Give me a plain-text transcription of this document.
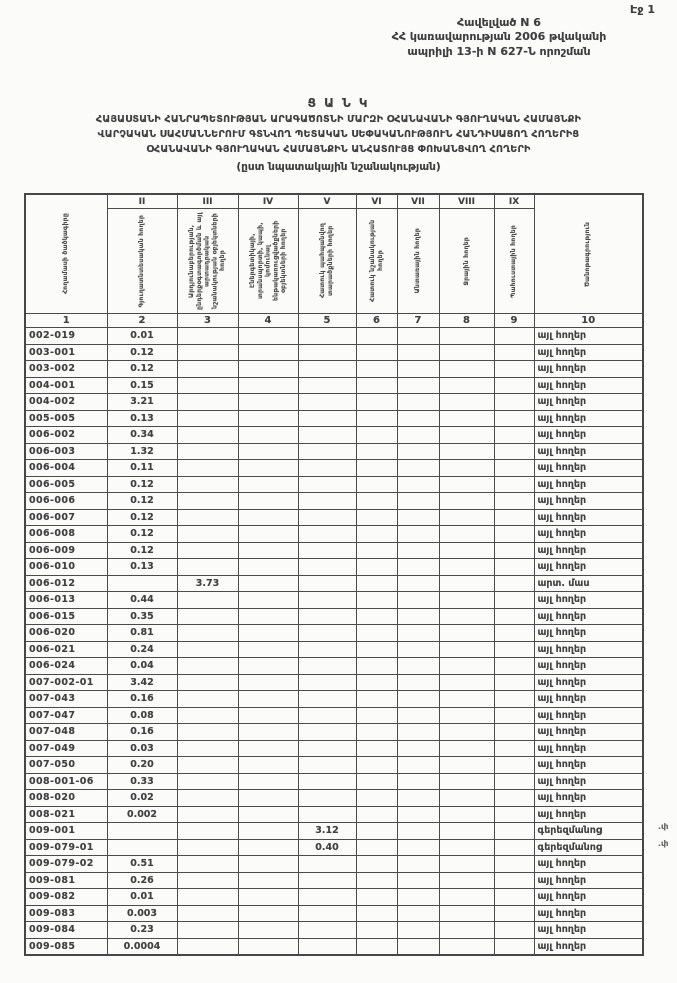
Էջ 1
Հավելված N 6
ՀՀ կառավարության 2006 թվականի
ապրիլի 13-ի N 627-Ն որոշման
Ց Ա Ն Կ
ՀԱՅԱՍՏԱՆԻ ՀԱՆՐԱՊԵՏՈՒԹՅԱՆ ԱՐԱԳԱԾՈՏՆԻ ՄԱՐԶԻ ՕՀԱՆԱՎԱՆԻ ԳՅՈՒՂԱԿԱՆ ՀԱՄԱՅՆՔԻ
ՎԱՐՉԱԿԱՆ ՍԱՀՄԱՆՆԵՐՈՒՄ ԳՏՆՎՈՂ ՊԵՏԱԿԱՆ ՍԵՓԱԿԱՆՈՒԹՅՈՒՆ ՀԱՆԴԻՍԱՑՈՂ ՀՈՂԵՐԻՑ
ՕՀԱՆԱՎԱՆԻ ԳՅՈՒՂԱԿԱՆ ՀԱՄԱՅՆՔԻՆ ԱՆՀԱՏՈՒՅՑ ՓՈԽԱՆՑՎՈՂ ՀՈՂԵՐԻ
(ըստ նպատակային նշանակության)
Հողամասի ծածկագիրը	II	III	IV	V	VI	VII	VIII	IX	Ծանոթագրություն

	Գյուղատնտեսական հողեր	Արդյունաբերության, ընդերքօգտագործման և այլ արտադրական նշանակության օբյեկտների հողեր	Էներգետիկայի, տրանսպորտի, կապի, կոմունալ ենթակառուցվածքների օբյեկտների հողեր	Հատուկ պահպանվող տարածքների հողեր	Հատուկ նշանակության հողեր	Անտառային հողեր	Ջրային հողեր	Պահուստային հողեր	

1	2	3	4	5	6	7	8	9	10
002-019	0.01								այլ հողեր
003-001	0.12								այլ հողեր
003-002	0.12								այլ հողեր
004-001	0.15								այլ հողեր
004-002	3.21								այլ հողեր
005-005	0.13								այլ հողեր
006-002	0.34								այլ հողեր
006-003	1.32								այլ հողեր
006-004	0.11								այլ հողեր
006-005	0.12								այլ հողեր
006-006	0.12								այլ հողեր
006-007	0.12								այլ հողեր
006-008	0.12								այլ հողեր
006-009	0.12								այլ հողեր
006-010	0.13								այլ հողեր
006-012		3.73							արտ. մաս
006-013	0.44								այլ հողեր
006-015	0.35								այլ հողեր
006-020	0.81								այլ հողեր
006-021	0.24								այլ հողեր
006-024	0.04								այլ հողեր
007-002-01	3.42								այլ հողեր
007-043	0.16								այլ հողեր
007-047	0.08								այլ հողեր
007-048	0.16								այլ հողեր
007-049	0.03								այլ հողեր
007-050	0.20								այլ հողեր
008-001-06	0.33								այլ հողեր
008-020	0.02								այլ հողեր
008-021	0.002								այլ հողեր
009-001				3.12					գերեզմանոց
009-079-01				0.40					գերեզմանոց
009-079-02	0.51								այլ հողեր
009-081	0.26								այլ հողեր
009-082	0.01								այլ հողեր
009-083	0.003								այլ հողեր
009-084	0.23								այլ հողեր
009-085	0.0004								այլ հողեր
.փ
.փ
